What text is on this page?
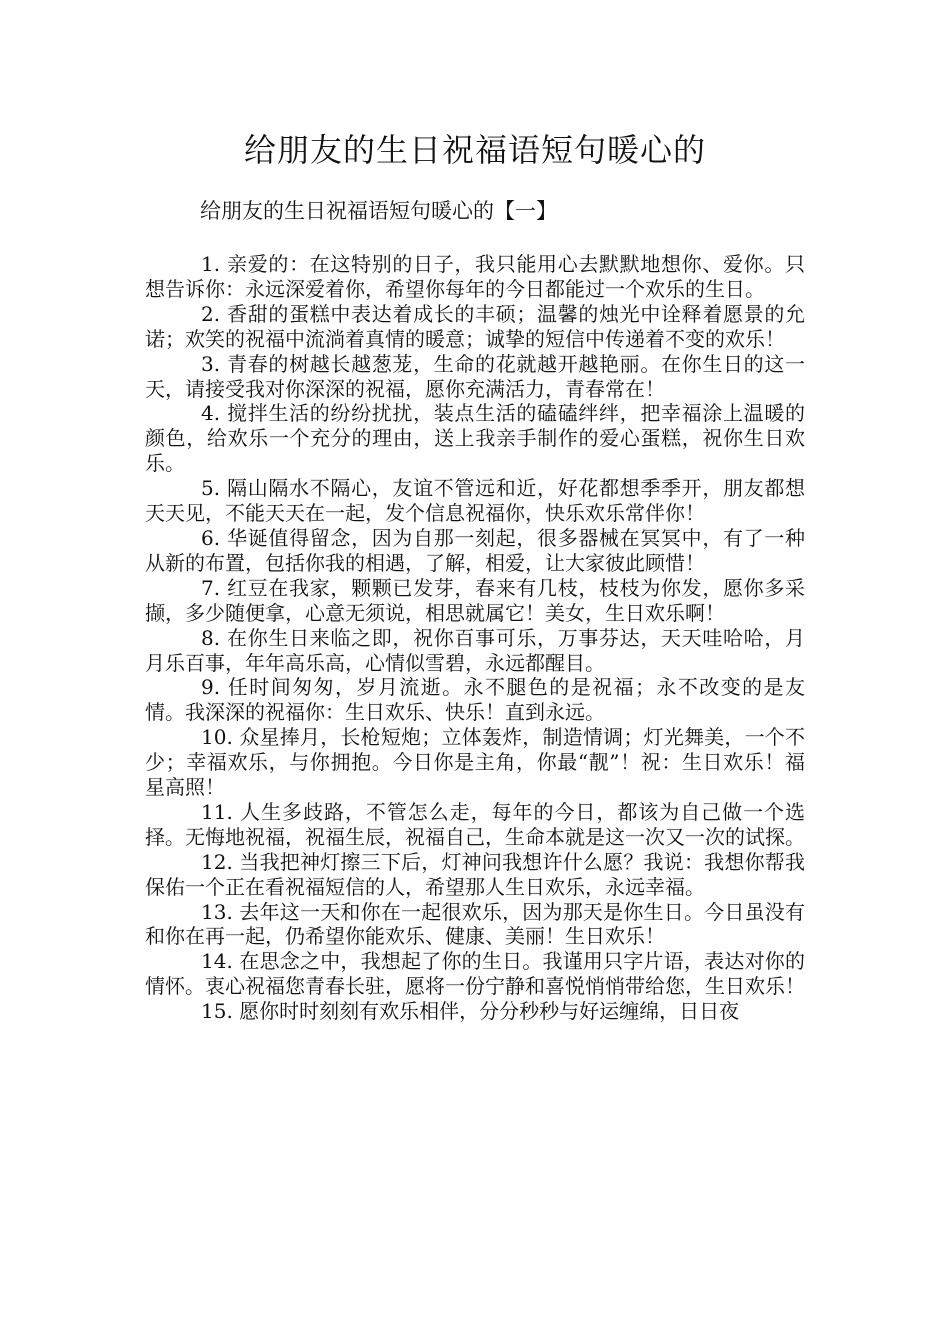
给朋友的生日祝福语短句暖心的
给朋友的生日祝福语短句暖心的【一】

1. 亲爱的：在这特别的日子，我只能用心去默默地想你、爱你。只想告诉你：永远深爱着你，希望你每年的今日都能过一个欢乐的生日。

2. 香甜的蛋糕中表达着成长的丰硕；温馨的烛光中诠释着愿景的允诺；欢笑的祝福中流淌着真情的暖意；诚挚的短信中传递着不变的欢乐！

3. 青春的树越长越葱茏，生命的花就越开越艳丽。在你生日的这一天，请接受我对你深深的祝福，愿你充满活力，青春常在！

4. 搅拌生活的纷纷扰扰，装点生活的磕磕绊绊，把幸福涂上温暖的颜色，给欢乐一个充分的理由，送上我亲手制作的爱心蛋糕，祝你生日欢乐。

5. 隔山隔水不隔心，友谊不管远和近，好花都想季季开，朋友都想天天见，不能天天在一起，发个信息祝福你，快乐欢乐常伴你！

6. 华诞值得留念，因为自那一刻起，很多器械在冥冥中，有了一种从新的布置，包括你我的相遇，了解，相爱，让大家彼此顾惜！

7. 红豆在我家，颗颗已发芽，春来有几枝，枝枝为你发，愿你多采撷，多少随便拿，心意无须说，相思就属它！美女，生日欢乐啊！

8. 在你生日来临之即，祝你百事可乐，万事芬达，天天哇哈哈，月月乐百事，年年高乐高，心情似雪碧，永远都醒目。

9. 任时间匆匆，岁月流逝。永不腿色的是祝福；永不改变的是友情。我深深的祝福你：生日欢乐、快乐！直到永远。

10. 众星捧月，长枪短炮；立体轰炸，制造情调；灯光舞美，一个不少；幸福欢乐，与你拥抱。今日你是主角，你最“靓”！祝：生日欢乐！福星高照！

11. 人生多歧路，不管怎么走，每年的今日，都该为自己做一个选择。无悔地祝福，祝福生辰，祝福自己，生命本就是这一次又一次的试探。

12. 当我把神灯擦三下后，灯神问我想许什么愿？我说：我想你帮我保佑一个正在看祝福短信的人，希望那人生日欢乐，永远幸福。

13. 去年这一天和你在一起很欢乐，因为那天是你生日。今日虽没有和你在再一起，仍希望你能欢乐、健康、美丽！生日欢乐！

14. 在思念之中，我想起了你的生日。我谨用只字片语，表达对你的情怀。衷心祝福您青春长驻，愿将一份宁静和喜悦悄悄带给您，生日欢乐！

15. 愿你时时刻刻有欢乐相伴，分分秒秒与好运缠绵，日日夜
